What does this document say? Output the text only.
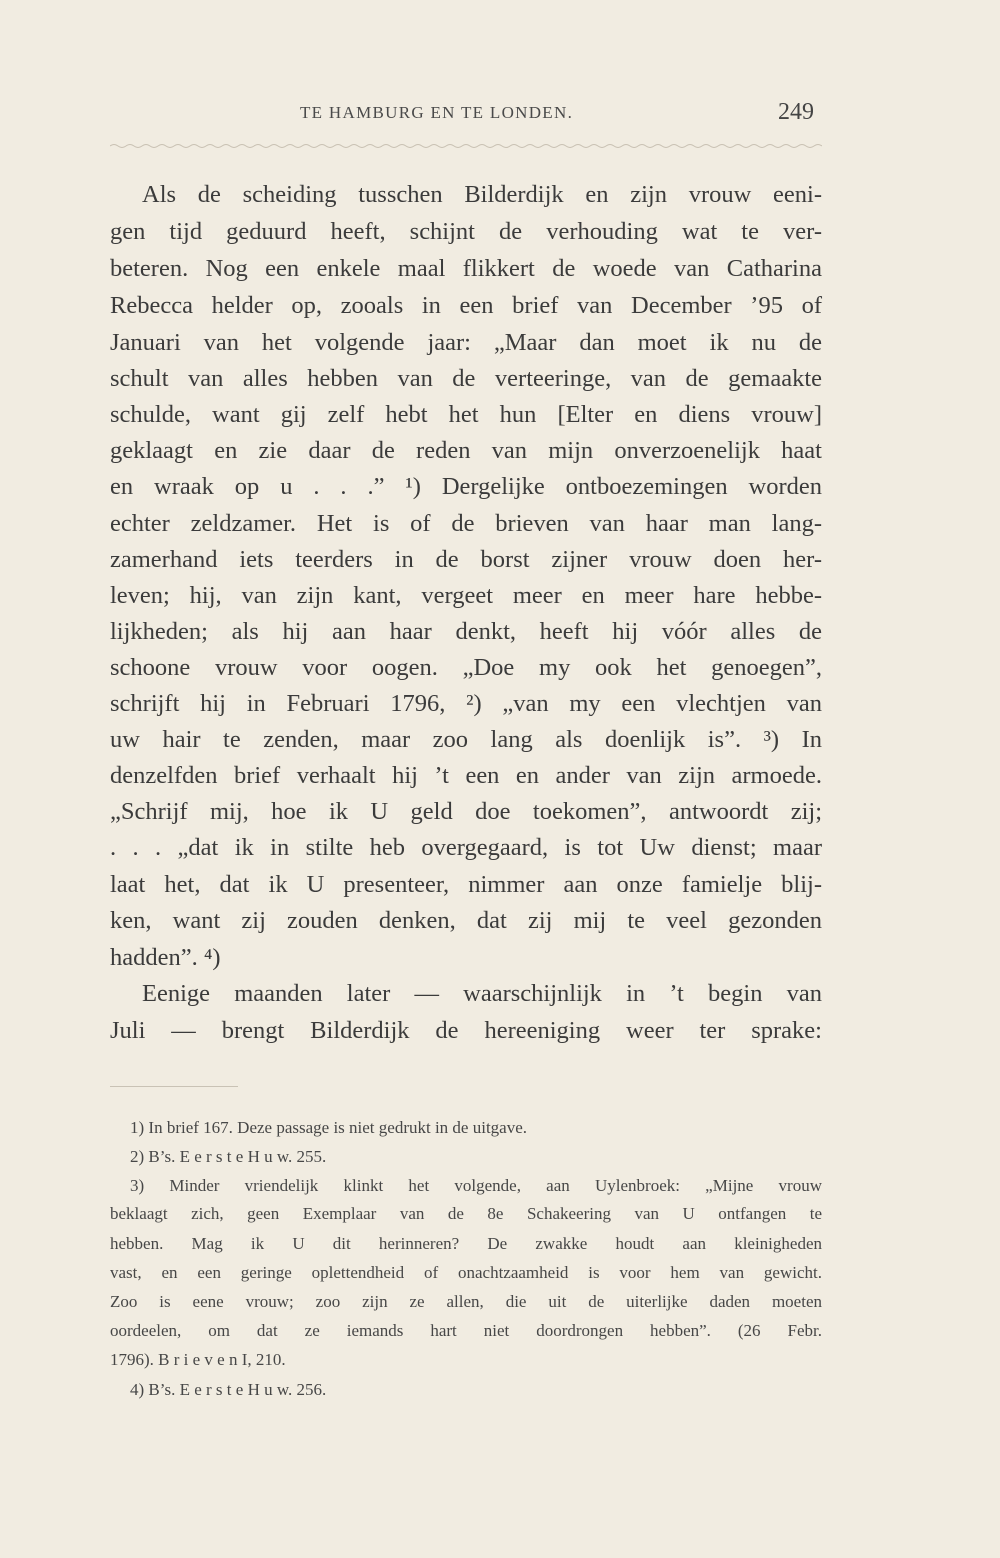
TE HAMBURG EN TE LONDEN.	249
Als de scheiding tusschen Bilderdijk en zijn vrouw eeni-
gen tijd geduurd heeft, schijnt de verhouding wat te ver-
beteren. Nog een enkele maal flikkert de woede van Catharina
Rebecca helder op, zooals in een brief van December ’95 of
Januari van het volgende jaar: „Maar dan moet ik nu de
schult van alles hebben van de verteeringe, van de gemaakte
schulde, want gij zelf hebt het hun [Elter en diens vrouw]
geklaagt en zie daar de reden van mijn onverzoenelijk haat
en wraak op u . . .” ¹) Dergelijke ontboezemingen worden
echter zeldzamer. Het is of de brieven van haar man lang-
zamerhand iets teerders in de borst zijner vrouw doen her-
leven; hij, van zijn kant, vergeet meer en meer hare hebbe-
lijkheden; als hij aan haar denkt, heeft hij vóór alles de
schoone vrouw voor oogen. „Doe my ook het genoegen”,
schrijft hij in Februari 1796, ²) „van my een vlechtjen van
uw hair te zenden, maar zoo lang als doenlijk is”. ³) In
denzelfden brief verhaalt hij ’t een en ander van zijn armoede.
„Schrijf mij, hoe ik U geld doe toekomen”, antwoordt zij;
. . . „dat ik in stilte heb overgegaard, is tot Uw dienst; maar
laat het, dat ik U presenteer, nimmer aan onze famielje blij-
ken, want zij zouden denken, dat zij mij te veel gezonden
hadden”. ⁴)
Eenige maanden later — waarschijnlijk in ’t begin van
Juli — brengt Bilderdijk de hereeniging weer ter sprake:
1) In brief 167. Deze passage is niet gedrukt in de uitgave.
2) B’s. E e r s t e H u w. 255.
3) Minder vriendelijk klinkt het volgende, aan Uylenbroek: „Mijne vrouw
beklaagt zich, geen Exemplaar van de 8e Schakeering van U ontfangen te
hebben. Mag ik U dit herinneren? De zwakke houdt aan kleinigheden
vast, en een geringe oplettendheid of onachtzaamheid is voor hem van gewicht.
Zoo is eene vrouw; zoo zijn ze allen, die uit de uiterlijke daden moeten
oordeelen, om dat ze iemands hart niet doordrongen hebben”. (26 Febr.
1796). B r i e v e n I, 210.
4) B’s. E e r s t e H u w. 256.
